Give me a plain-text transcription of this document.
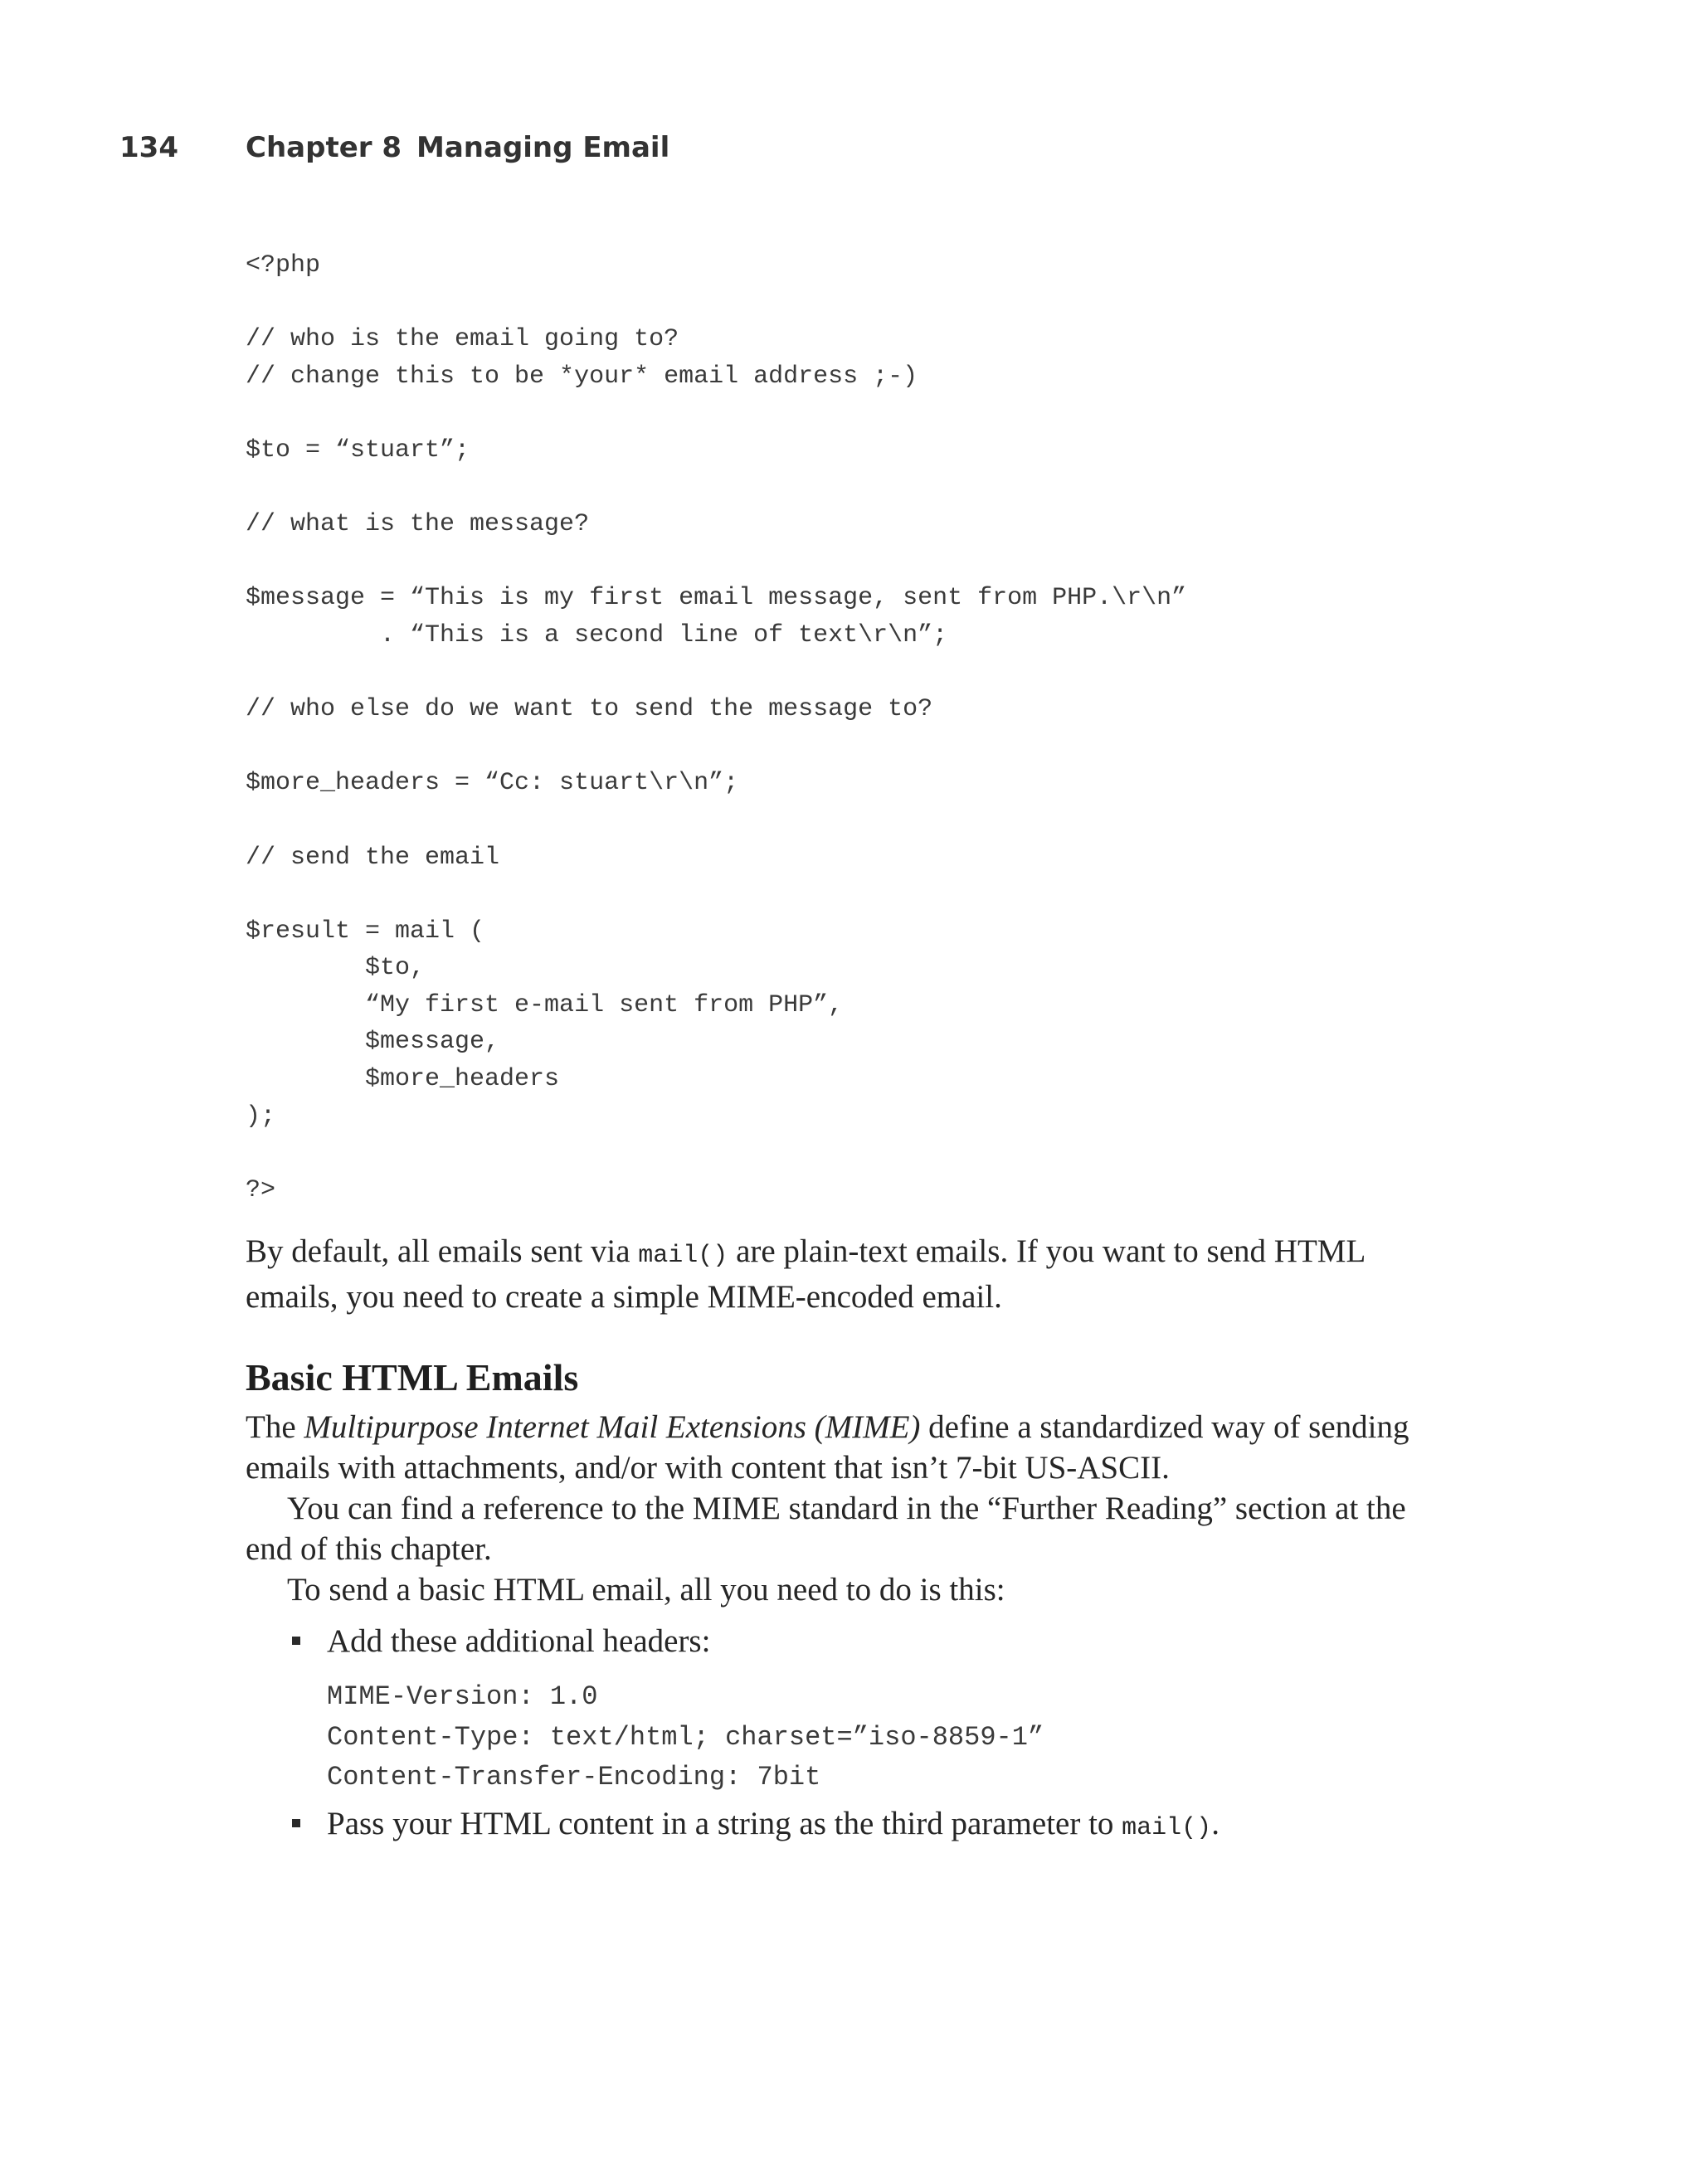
134 Chapter 8 Managing Email
<?php
// who is the email going to?
// change this to be *your* email address ;-)
$to = “stuart”;
// what is the message?
$message = “This is my first email message, sent from PHP.\r\n”
. “This is a second line of text\r\n”;
// who else do we want to send the message to?
$more_headers = “Cc: stuart\r\n”;
// send the email
$result = mail (
$to,
“My first e-mail sent from PHP”,
$message,
$more_headers
);
?>
By default, all emails sent via mail() are plain-text emails. If you want to send HTML emails, you need to create a simple MIME-encoded email.
Basic HTML Emails
The Multipurpose Internet Mail Extensions (MIME) define a standardized way of sending emails with attachments, and/or with content that isn’t 7-bit US-ASCII.
You can find a reference to the MIME standard in the “Further Reading” section at the end of this chapter.
To send a basic HTML email, all you need to do is this:
Add these additional headers:
MIME-Version: 1.0
Content-Type: text/html; charset=”iso-8859-1”
Content-Transfer-Encoding: 7bit
Pass your HTML content in a string as the third parameter to mail().
